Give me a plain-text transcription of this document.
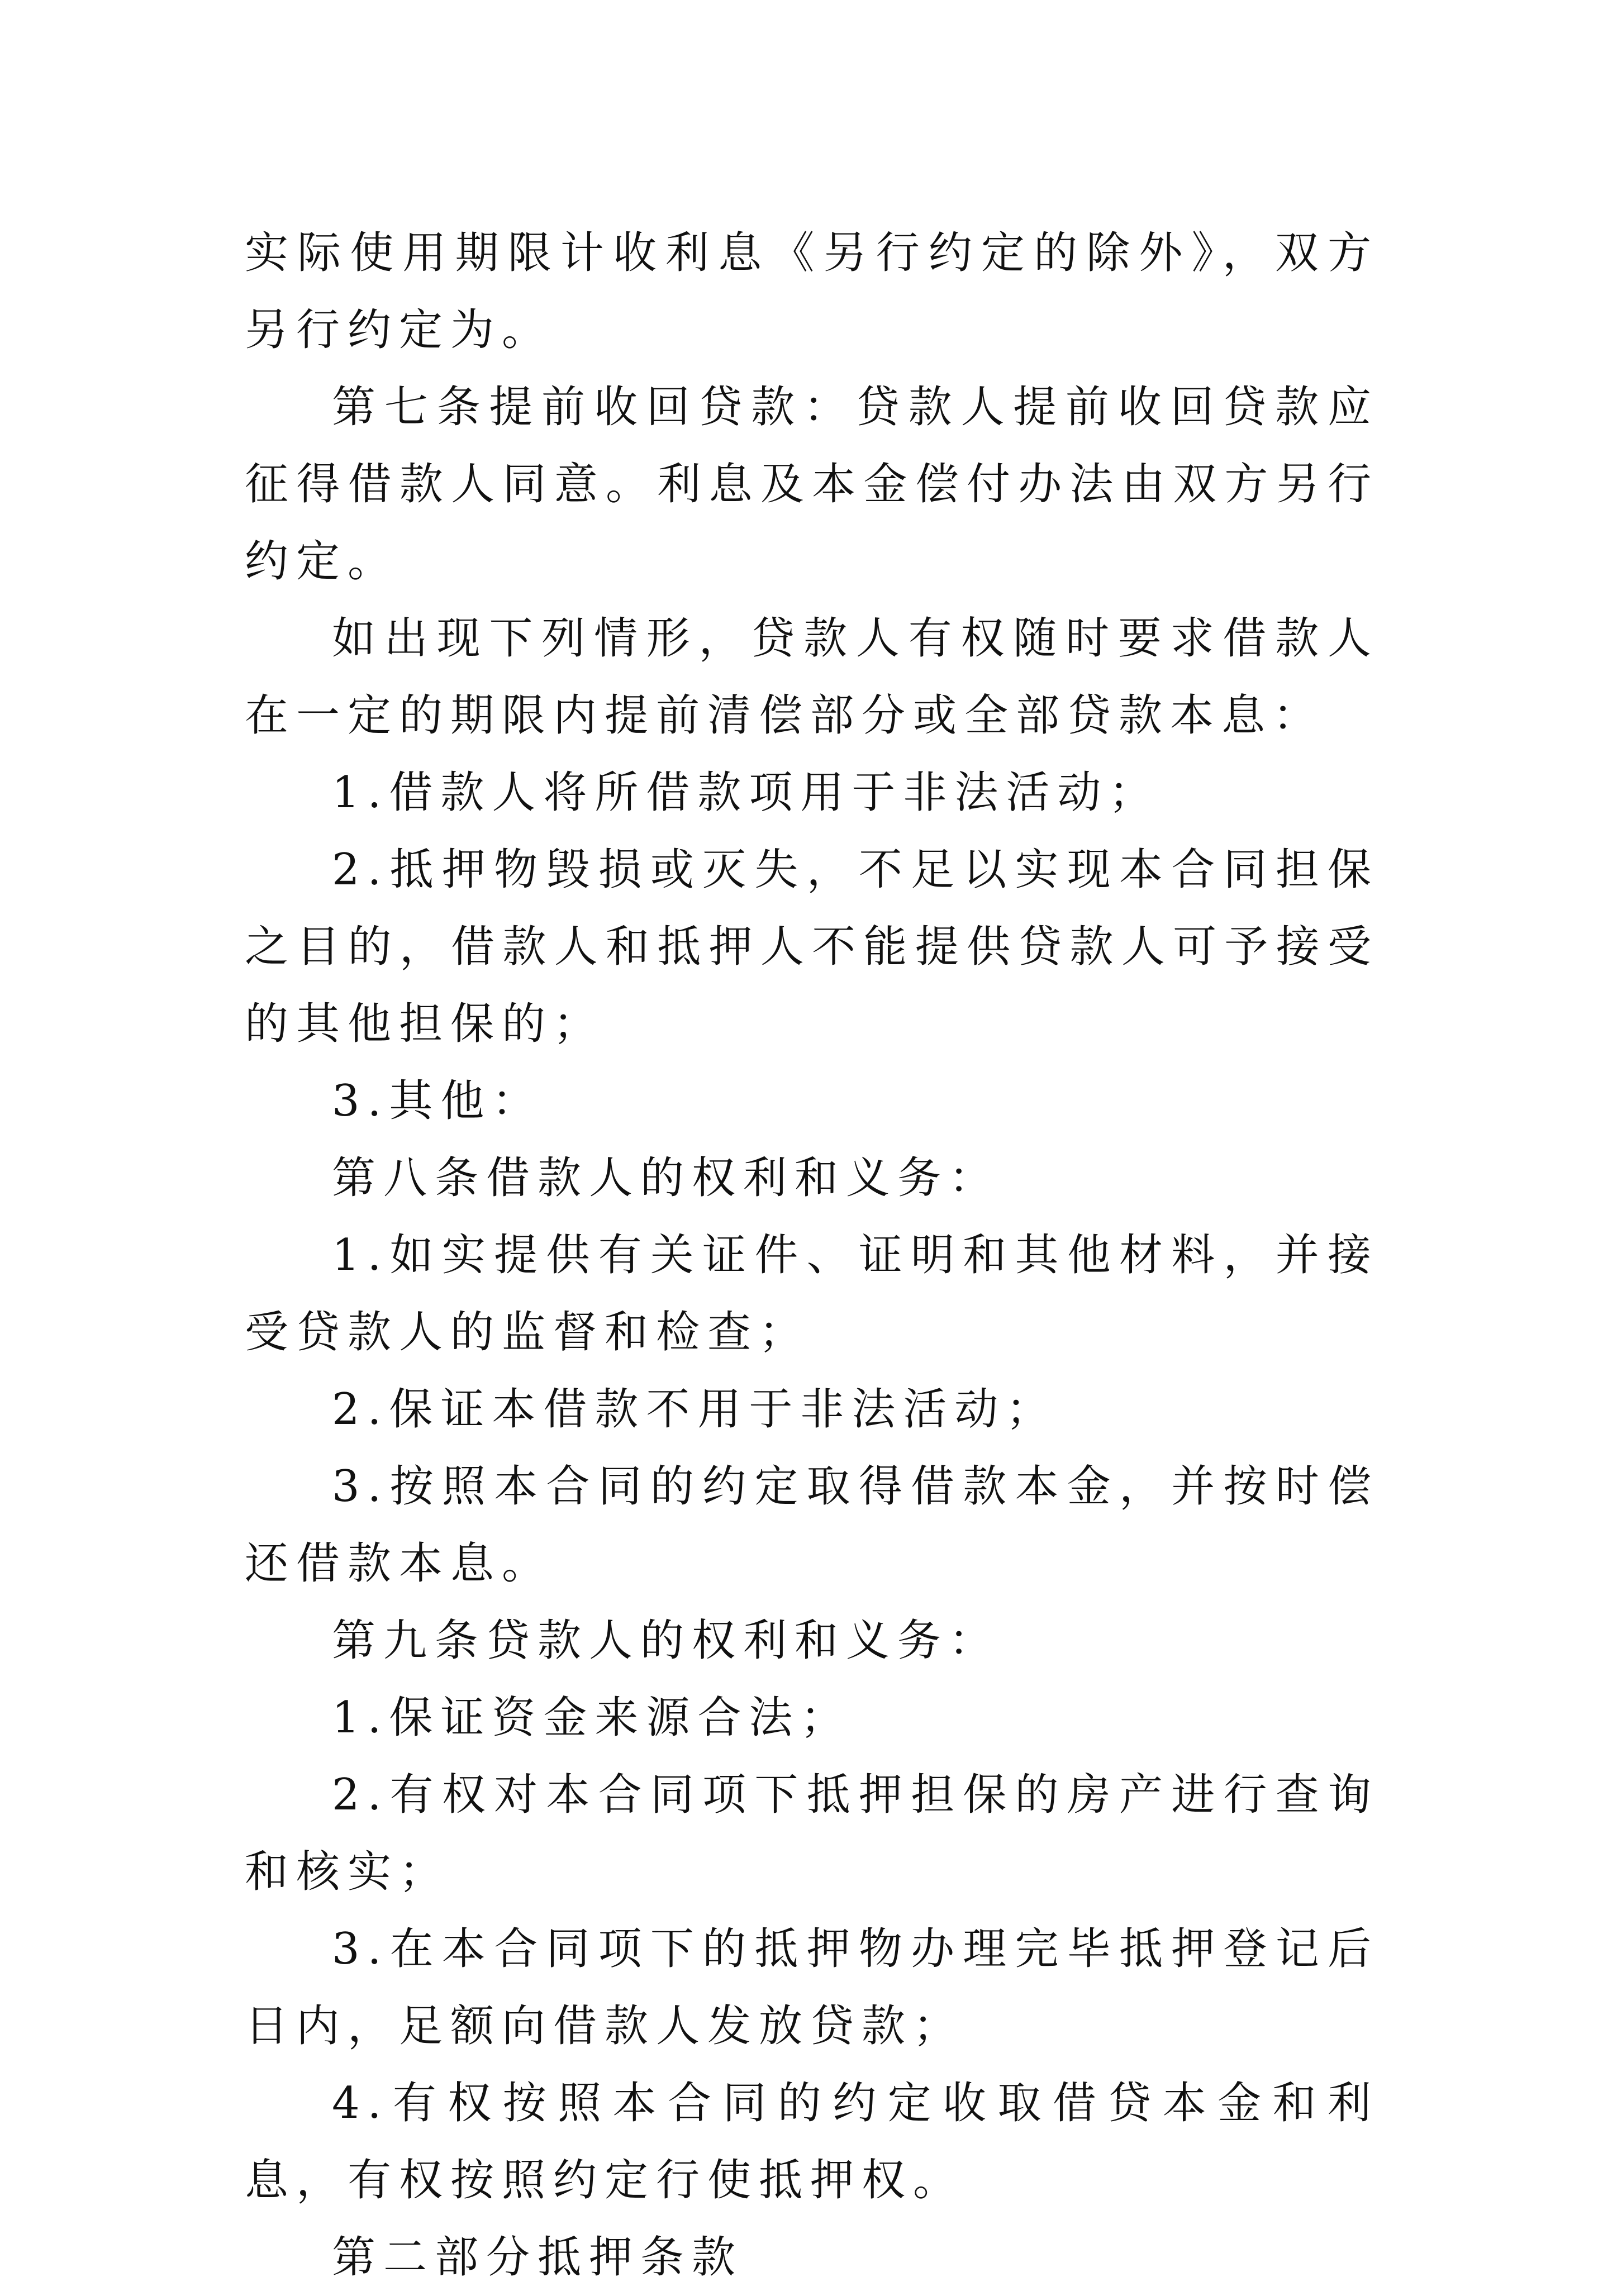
实际使用期限计收利息《另行约定的除外》，双方另行约定为。

第七条提前收回贷款：贷款人提前收回贷款应征得借款人同意。利息及本金偿付办法由双方另行约定。

如出现下列情形，贷款人有权随时要求借款人在一定的期限内提前清偿部分或全部贷款本息：

1.借款人将所借款项用于非法活动；

2.抵押物毁损或灭失，不足以实现本合同担保之目的，借款人和抵押人不能提供贷款人可予接受的其他担保的；

3.其他：

第八条借款人的权利和义务：

1.如实提供有关证件、证明和其他材料，并接受贷款人的监督和检查；

2.保证本借款不用于非法活动；

3.按照本合同的约定取得借款本金，并按时偿还借款本息。

第九条贷款人的权利和义务：

1.保证资金来源合法；

2.有权对本合同项下抵押担保的房产进行查询和核实；

3.在本合同项下的抵押物办理完毕抵押登记后日内，足额向借款人发放贷款；

4.有权按照本合同的约定收取借贷本金和利息，有权按照约定行使抵押权。

第二部分抵押条款
